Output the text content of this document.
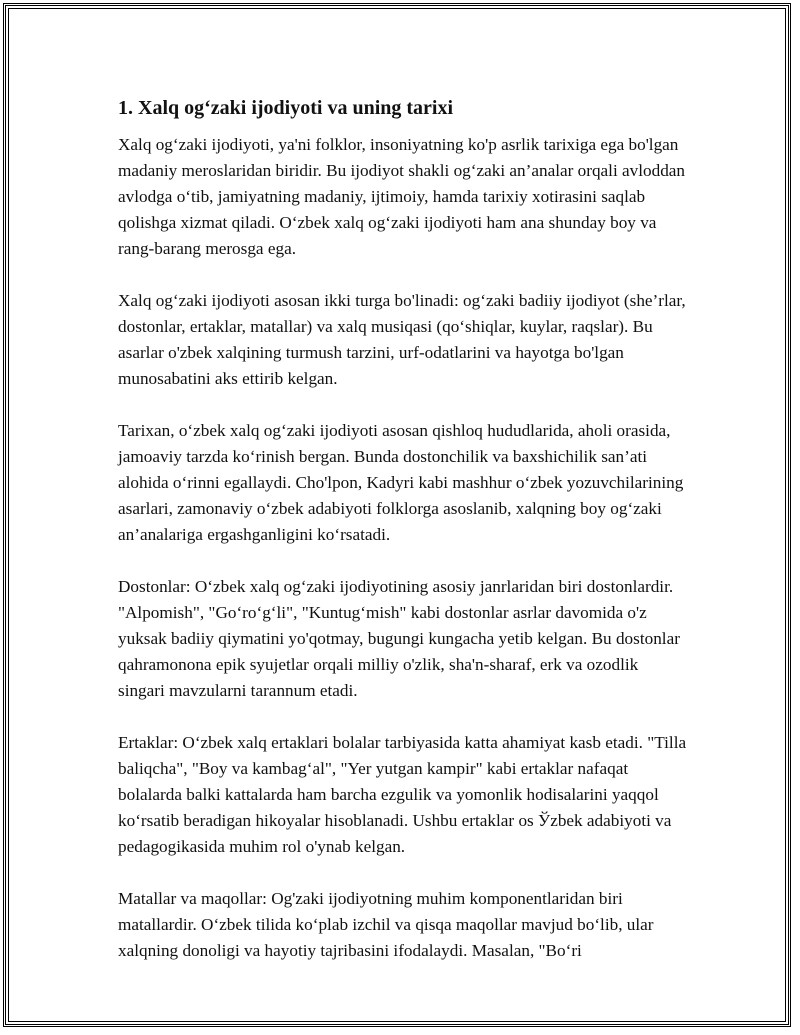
1. Xalq og‘zaki ijodiyoti va uning tarixi

Xalq og‘zaki ijodiyoti, ya'ni folklor, insoniyatning ko'p asrlik tarixiga ega bo'lgan madaniy meroslaridan biridir. Bu ijodiyot shakli og‘zaki an’analar orqali avloddan avlodga o‘tib, jamiyatning madaniy, ijtimoiy, hamda tarixiy xotirasini saqlab qolishga xizmat qiladi. O‘zbek xalq og‘zaki ijodiyoti ham ana shunday boy va rang-barang merosga ega.

Xalq og‘zaki ijodiyoti asosan ikki turga bo'linadi: og‘zaki badiiy ijodiyot (she’rlar, dostonlar, ertaklar, matallar) va xalq musiqasi (qo‘shiqlar, kuylar, raqslar). Bu asarlar o'zbek xalqining turmush tarzini, urf-odatlarini va hayotga bo'lgan munosabatini aks ettirib kelgan.

Tarixan, o‘zbek xalq og‘zaki ijodiyoti asosan qishloq hududlarida, aholi orasida, jamoaviy tarzda ko‘rinish bergan. Bunda dostonchilik va baxshichilik san’ati alohida o‘rinni egallaydi. Cho'lpon, Kadyri kabi mashhur o‘zbek yozuvchilarining asarlari, zamonaviy o‘zbek adabiyoti folklorga asoslanib, xalqning boy og‘zaki an’analariga ergashganligini ko‘rsatadi.

Dostonlar: O‘zbek xalq og‘zaki ijodiyotining asosiy janrlaridan biri dostonlardir. "Alpomish", "Go‘ro‘g‘li", "Kuntug‘mish" kabi dostonlar asrlar davomida o'z yuksak badiiy qiymatini yo'qotmay, bugungi kungacha yetib kelgan. Bu dostonlar qahramonona epik syujetlar orqali milliy o'zlik, sha'n-sharaf, erk va ozodlik singari mavzularni tarannum etadi.

Ertaklar: O‘zbek xalq ertaklari bolalar tarbiyasida katta ahamiyat kasb etadi. "Tilla baliqcha", "Boy va kambag‘al", "Yer yutgan kampir" kabi ertaklar nafaqat bolalarda balki kattalarda ham barcha ezgulik va yomonlik hodisalarini yaqqol ko‘rsatib beradigan hikoyalar hisoblanadi. Ushbu ertaklar os Ўzbek adabiyoti va pedagogikasida muhim rol o'ynab kelgan.

Matallar va maqollar: Og'zaki ijodiyotning muhim komponentlaridan biri matallardir. O‘zbek tilida ko‘plab izchil va qisqa maqollar mavjud bo‘lib, ular xalqning donoligi va hayotiy tajribasini ifodalaydi. Masalan, "Bo‘ri
